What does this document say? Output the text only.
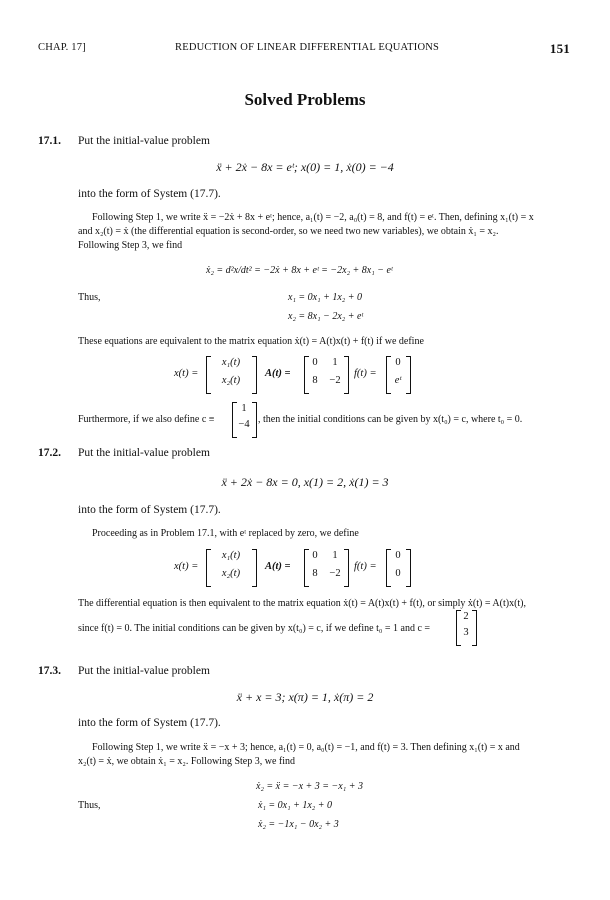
CHAP. 17]	REDUCTION OF LINEAR DIFFERENTIAL EQUATIONS	151
Solved Problems
17.1. Put the initial-value problem
ẍ + 2ẋ − 8x = eᵗ; x(0) = 1, ẋ(0) = −4
into the form of System (17.7).
Following Step 1, we write ẍ = −2ẋ + 8x + eᵗ; hence, a₁(t) = −2, a₀(t) = 8, and f(t) = eᵗ. Then, defining x₁(t) = x
and x₂(t) = ẋ (the differential equation is second-order, so we need two new variables), we obtain ẋ₁ = x₂.
Following Step 3, we find
ẋ₂ = d²x/dt² = −2ẋ + 8x + eᵗ = −2x₂ + 8x₁ − eᵗ
Thus,	x₁ = 0x₁ + 1x₂ + 0
x₂ = 8x₁ − 2x₂ + eᵗ
These equations are equivalent to the matrix equation ẋ(t) = A(t)x(t) + f(t) if we define
x(t) =
x₁(t)
x₂(t)
A(t) =
0	1
8	−2
f(t) =
0
eᵗ
Furthermore, if we also define c ≡
1
−4 , then the initial conditions can be given by x(t₀) = c, where t₀ = 0.
17.2. Put the initial-value problem
ẍ + 2ẋ − 8x = 0, x(1) = 2, ẋ(1) = 3
into the form of System (17.7).
Proceeding as in Problem 17.1, with eᵗ replaced by zero, we define
x(t) =
x₁(t)
x₂(t)
A(t) =
0	1
8	−2
f(t) =
0
0
The differential equation is then equivalent to the matrix equation ẋ(t) = A(t)x(t) + f(t), or simply ẋ(t) = A(t)x(t),
since f(t) = 0. The initial conditions can be given by x(t₀) = c, if we define t₀ = 1 and c =
2
3
17.3. Put the initial-value problem
ẍ + x = 3; x(π) = 1, ẋ(π) = 2
into the form of System (17.7).
Following Step 1, we write ẍ = −x + 3; hence, a₁(t) = 0, a₀(t) = −1, and f(t) = 3. Then defining x₁(t) = x and
x₂(t) = ẋ, we obtain ẋ₁ = x₂. Following Step 3, we find
ẋ₂ = ẍ = −x + 3 = −x₁ + 3
Thus,	ẋ₁ = 0x₁ + 1x₂ + 0
ẋ₂ = −1x₁ − 0x₂ + 3
